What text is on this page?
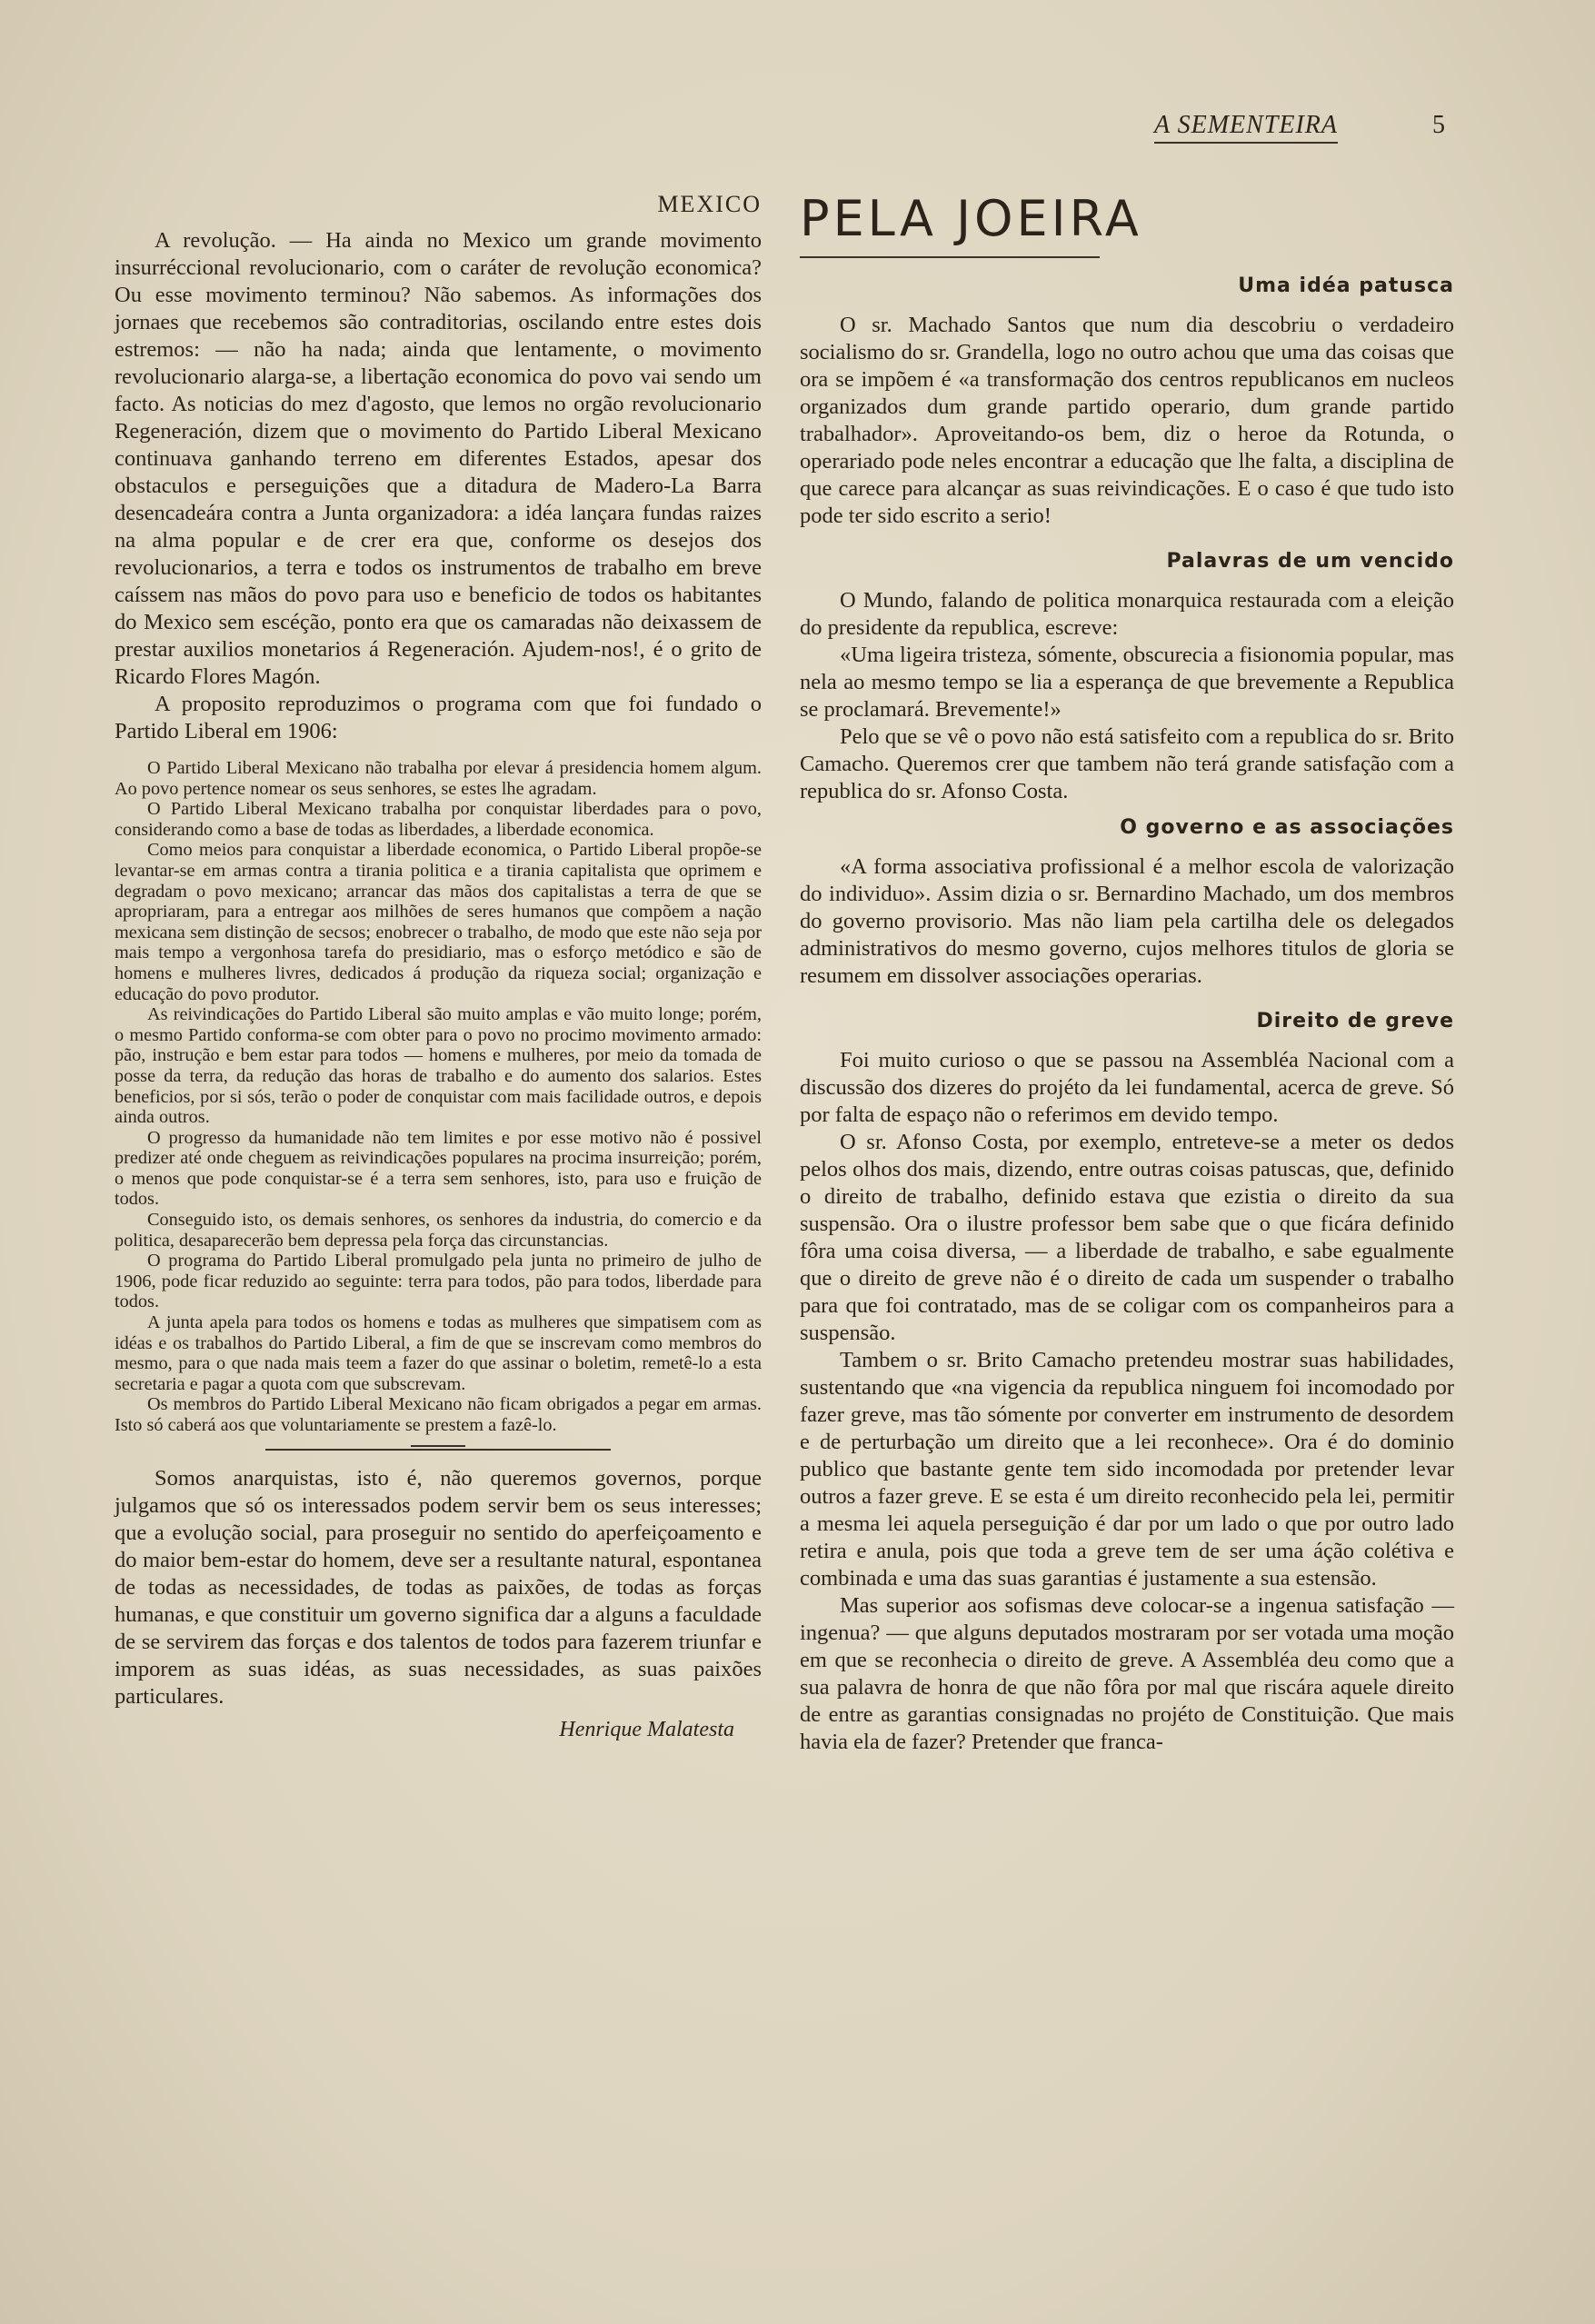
A SEMENTEIRA	5
MEXICO

A revolução. — Ha ainda no Mexico um grande movimento insurréccional revolucionario, com o caráter de revolução economica? Ou esse movimento terminou? Não sabemos. As informações dos jornaes que recebemos são contraditorias, oscilando entre estes dois estremos: — não ha nada; ainda que lentamente, o movimento revolucionario alarga-se, a libertação economica do povo vai sendo um facto. As noticias do mez d'agosto, que lemos no orgão revolucionario Regeneración, dizem que o movimento do Partido Liberal Mexicano continuava ganhando terreno em diferentes Estados, apesar dos obstaculos e perseguições que a ditadura de Madero-La Barra desencadeára contra a Junta organizadora: a idéa lançara fundas raizes na alma popular e de crer era que, conforme os desejos dos revolucionarios, a terra e todos os instrumentos de trabalho em breve caíssem nas mãos do povo para uso e beneficio de todos os habitantes do Mexico sem escéção, ponto era que os camaradas não deixassem de prestar auxilios monetarios á Regeneración. Ajudem-nos!, é o grito de Ricardo Flores Magón.

A proposito reproduzimos o programa com que foi fundado o Partido Liberal em 1906:

O Partido Liberal Mexicano não trabalha por elevar á presidencia homem algum. Ao povo pertence nomear os seus senhores, se estes lhe agradam.

O Partido Liberal Mexicano trabalha por conquistar liberdades para o povo, considerando como a base de todas as liberdades, a liberdade economica.

Como meios para conquistar a liberdade economica, o Partido Liberal propõe-se levantar-se em armas contra a tirania politica e a tirania capitalista que oprimem e degradam o povo mexicano; arrancar das mãos dos capitalistas a terra de que se apropriaram, para a entregar aos milhões de seres humanos que compõem a nação mexicana sem distinção de secsos; enobrecer o trabalho, de modo que este não seja por mais tempo a vergonhosa tarefa do presidiario, mas o esforço metódico e são de homens e mulheres livres, dedicados á produção da riqueza social; organização e educação do povo produtor.

As reivindicações do Partido Liberal são muito amplas e vão muito longe; porém, o mesmo Partido conforma-se com obter para o povo no procimo movimento armado: pão, instrução e bem estar para todos — homens e mulheres, por meio da tomada de posse da terra, da redução das horas de trabalho e do aumento dos salarios. Estes beneficios, por si sós, terão o poder de conquistar com mais facilidade outros, e depois ainda outros.

O progresso da humanidade não tem limites e por esse motivo não é possivel predizer até onde cheguem as reivindicações populares na procima insurreição; porém, o menos que pode conquistar-se é a terra sem senhores, isto, para uso e fruição de todos.

Conseguido isto, os demais senhores, os senhores da industria, do comercio e da politica, desaparecerão bem depressa pela força das circunstancias.

O programa do Partido Liberal promulgado pela junta no primeiro de julho de 1906, pode ficar reduzido ao seguinte: terra para todos, pão para todos, liberdade para todos.

A junta apela para todos os homens e todas as mulheres que simpatisem com as idéas e os trabalhos do Partido Liberal, a fim de que se inscrevam como membros do mesmo, para o que nada mais teem a fazer do que assinar o boletim, remetê-lo a esta secretaria e pagar a quota com que subscrevam.

Os membros do Partido Liberal Mexicano não ficam obrigados a pegar em armas. Isto só caberá aos que voluntariamente se prestem a fazê-lo.

Somos anarquistas, isto é, não queremos governos, porque julgamos que só os interessados podem servir bem os seus interesses; que a evolução social, para proseguir no sentido do aperfeiçoamento e do maior bem-estar do homem, deve ser a resultante natural, espontanea de todas as necessidades, de todas as paixões, de todas as forças humanas, e que constituir um governo significa dar a alguns a faculdade de se servirem das forças e dos talentos de todos para fazerem triunfar e imporem as suas idéas, as suas necessidades, as suas paixões particulares.

Henrique Malatesta
PELA JOEIRA
Uma idéa patusca

O sr. Machado Santos que num dia descobriu o verdadeiro socialismo do sr. Grandella, logo no outro achou que uma das coisas que ora se impõem é «a transformação dos centros republicanos em nucleos organizados dum grande partido operario, dum grande partido trabalhador». Aproveitando-os bem, diz o heroe da Rotunda, o operariado pode neles encontrar a educação que lhe falta, a disciplina de que carece para alcançar as suas reivindicações. E o caso é que tudo isto pode ter sido escrito a serio!

Palavras de um vencido

O Mundo, falando de politica monarquica restaurada com a eleição do presidente da republica, escreve:

«Uma ligeira tristeza, sómente, obscurecia a fisionomia popular, mas nela ao mesmo tempo se lia a esperança de que brevemente a Republica se proclamará. Brevemente!»

Pelo que se vê o povo não está satisfeito com a republica do sr. Brito Camacho. Queremos crer que tambem não terá grande satisfação com a republica do sr. Afonso Costa.

O governo e as associações

«A forma associativa profissional é a melhor escola de valorização do individuo». Assim dizia o sr. Bernardino Machado, um dos membros do governo provisorio. Mas não liam pela cartilha dele os delegados administrativos do mesmo governo, cujos melhores titulos de gloria se resumem em dissolver associações operarias.

Direito de greve

Foi muito curioso o que se passou na Assembléa Nacional com a discussão dos dizeres do projéto da lei fundamental, acerca de greve. Só por falta de espaço não o referimos em devido tempo.

O sr. Afonso Costa, por exemplo, entreteve-se a meter os dedos pelos olhos dos mais, dizendo, entre outras coisas patuscas, que, definido o direito de trabalho, definido estava que ezistia o direito da sua suspensão. Ora o ilustre professor bem sabe que o que ficára definido fôra uma coisa diversa, — a liberdade de trabalho, e sabe egualmente que o direito de greve não é o direito de cada um suspender o trabalho para que foi contratado, mas de se coligar com os companheiros para a suspensão.

Tambem o sr. Brito Camacho pretendeu mostrar suas habilidades, sustentando que «na vigencia da republica ninguem foi incomodado por fazer greve, mas tão sómente por converter em instrumento de desordem e de perturbação um direito que a lei reconhece». Ora é do dominio publico que bastante gente tem sido incomodada por pretender levar outros a fazer greve. E se esta é um direito reconhecido pela lei, permitir a mesma lei aquela perseguição é dar por um lado o que por outro lado retira e anula, pois que toda a greve tem de ser uma áção colétiva e combinada e uma das suas garantias é justamente a sua estensão.

Mas superior aos sofismas deve colocar-se a ingenua satisfação — ingenua? — que alguns deputados mostraram por ser votada uma moção em que se reconhecia o direito de greve. A Assembléa deu como que a sua palavra de honra de que não fôra por mal que riscára aquele direito de entre as garantias consignadas no projéto de Constituição. Que mais havia ela de fazer? Pretender que franca-
